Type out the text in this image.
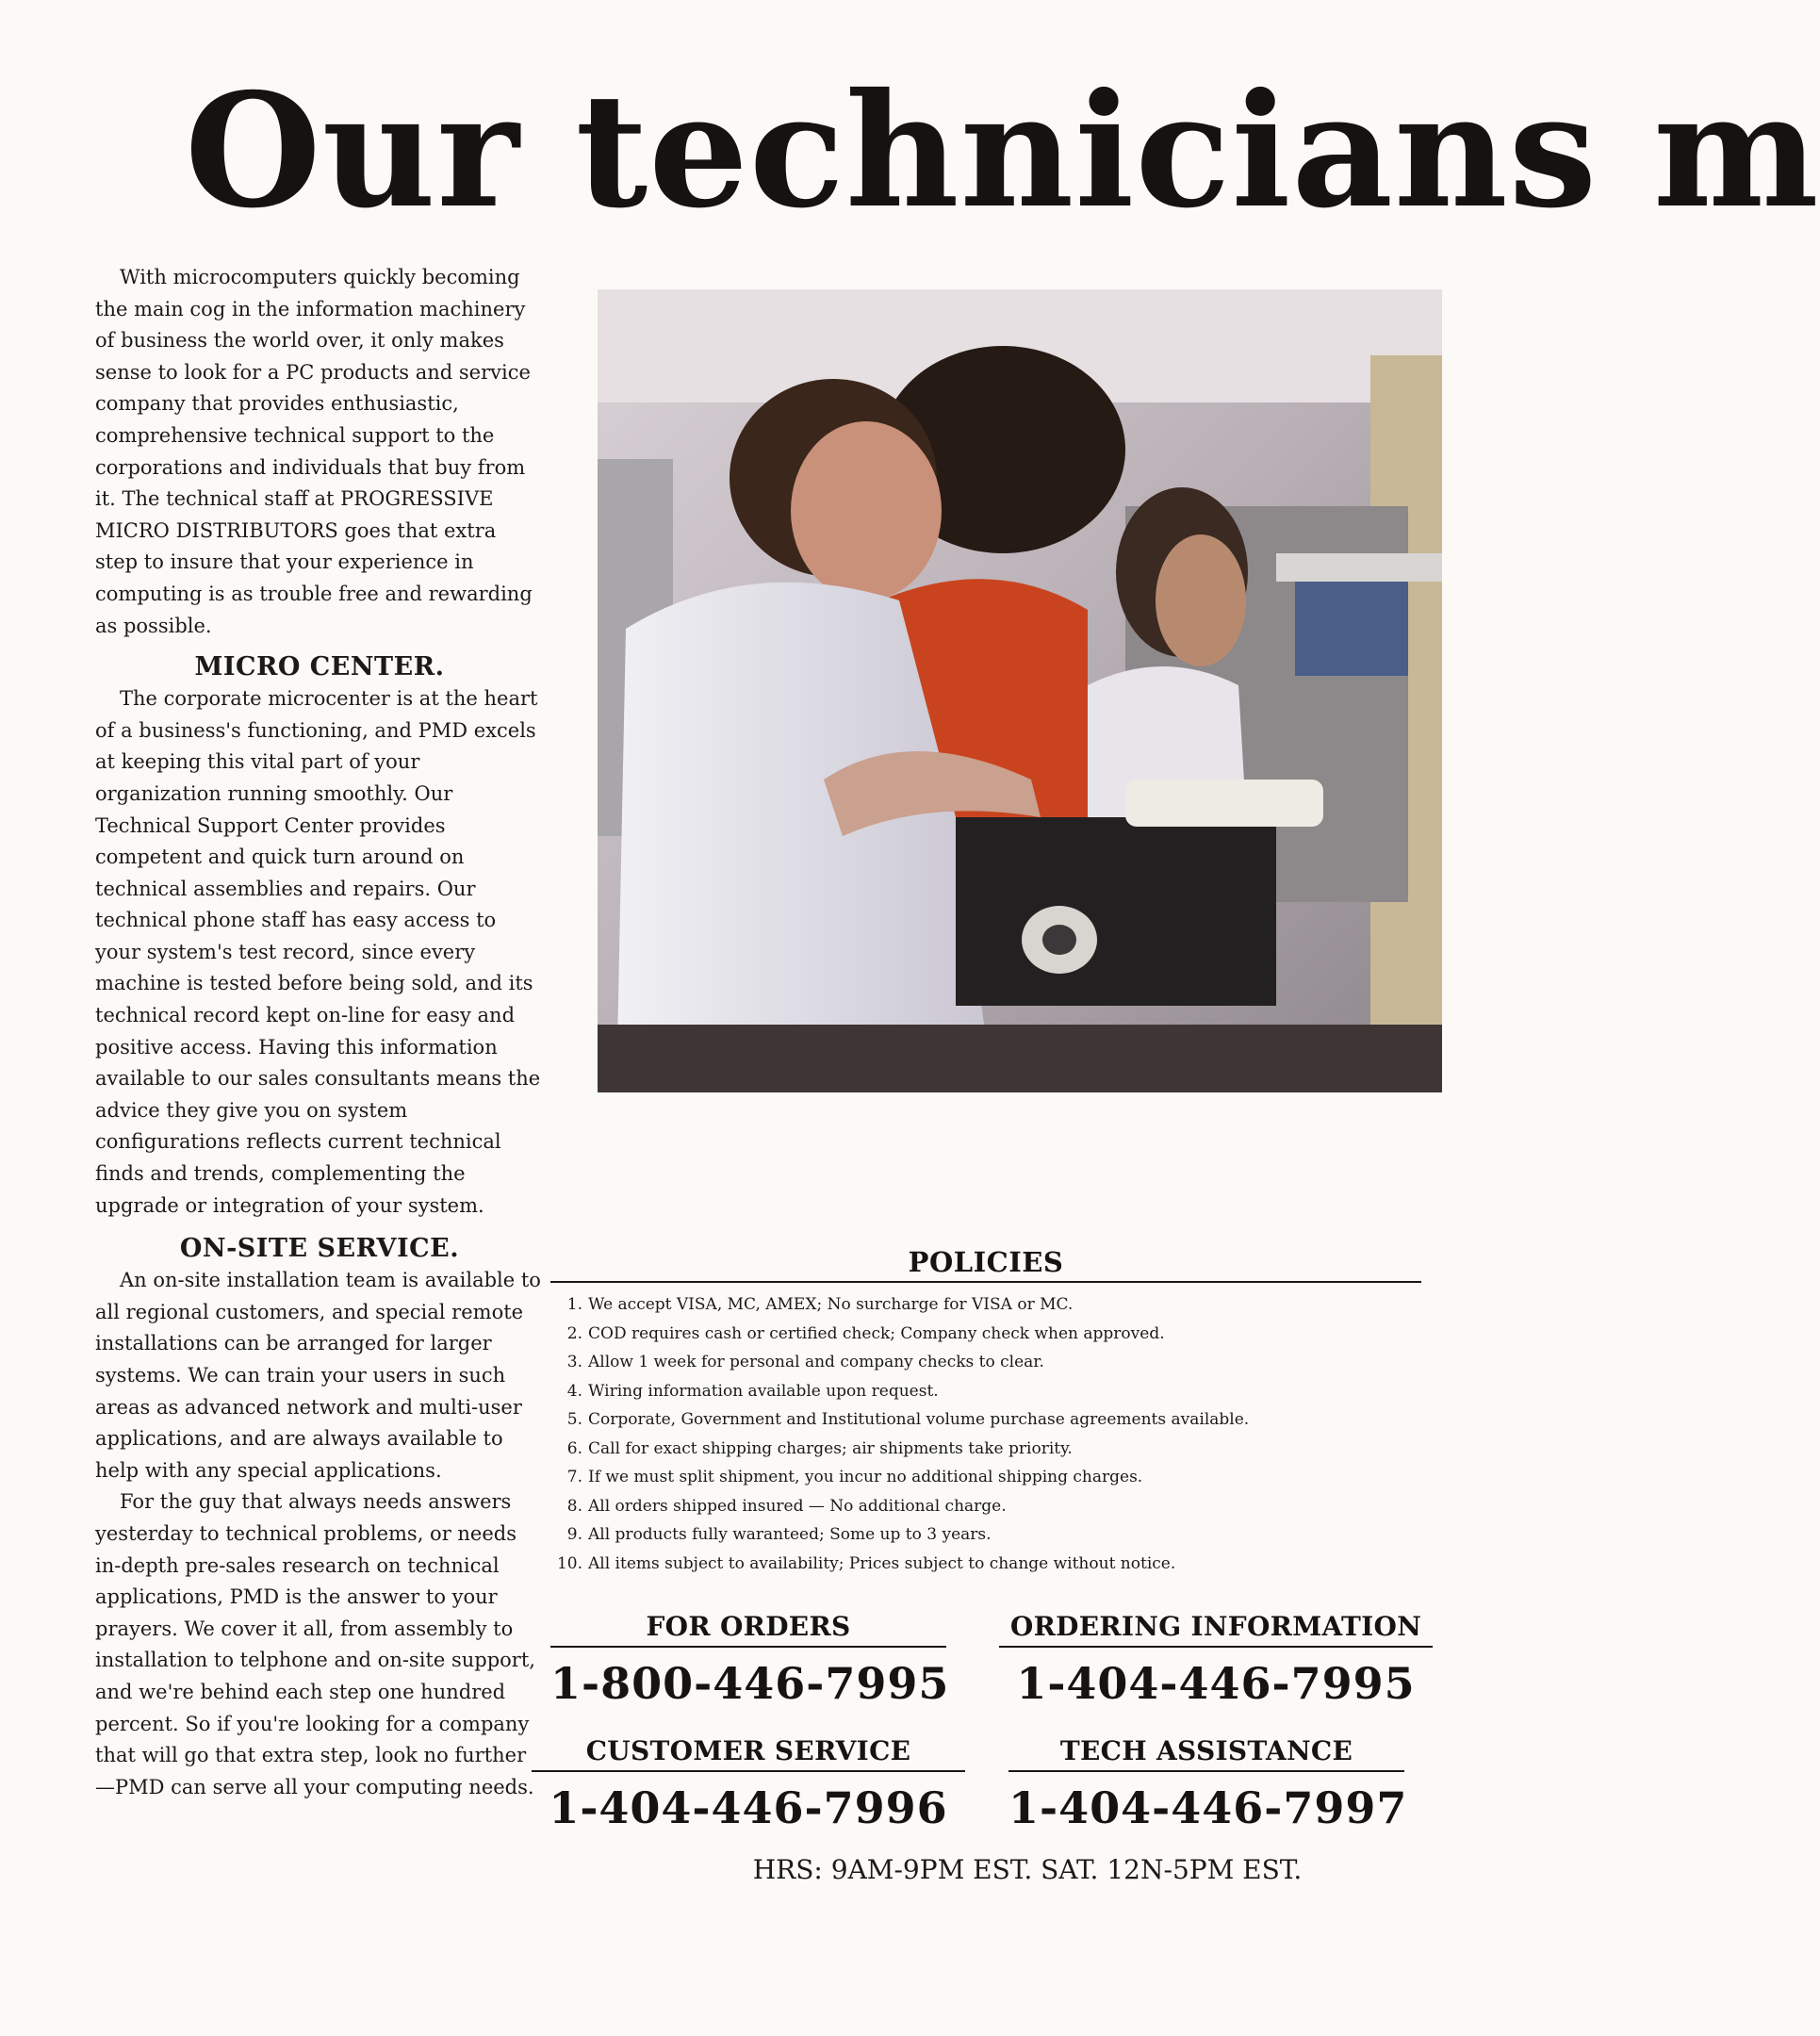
Our technicians m

With microcomputers quickly becoming the main cog in the information machinery of business the world over, it only makes sense to look for a PC products and service company that provides enthusiastic, comprehensive technical support to the corporations and individuals that buy from it. The technical staff at PROGRESSIVE MICRO DISTRIBUTORS goes that extra step to insure that your experience in computing is as trouble free and rewarding as possible.

MICRO CENTER.

The corporate microcenter is at the heart of a business's functioning, and PMD excels at keeping this vital part of your organization running smoothly. Our Technical Support Center provides competent and quick turn around on technical assemblies and repairs. Our technical phone staff has easy access to your system's test record, since every machine is tested before being sold, and its technical record kept on-line for easy and positive access. Having this information available to our sales consultants means the advice they give you on system configurations reflects current technical finds and trends, complementing the upgrade or integration of your system.

ON-SITE SERVICE.

An on-site installation team is available to all regional customers, and special remote installations can be arranged for larger systems. We can train your users in such areas as advanced network and multi-user applications, and are always available to help with any special applications.

For the guy that always needs answers yesterday to technical problems, or needs in-depth pre-sales research on technical applications, PMD is the answer to your prayers. We cover it all, from assembly to installation to telphone and on-site support, and we're behind each step one hundred percent. So if you're looking for a company that will go that extra step, look no further—PMD can serve all your computing needs.

POLICIES
1. We accept VISA, MC, AMEX; No surcharge for VISA or MC.
2. COD requires cash or certified check; Company check when approved.
3. Allow 1 week for personal and company checks to clear.
4. Wiring information available upon request.
5. Corporate, Government and Institutional volume purchase agreements available.
6. Call for exact shipping charges; air shipments take priority.
7. If we must split shipment, you incur no additional shipping charges.
8. All orders shipped insured — No additional charge.
9. All products fully waranteed; Some up to 3 years.
10. All items subject to availability; Prices subject to change without notice.
FOR ORDERS
1-800-446-7995
ORDERING INFORMATION
1-404-446-7995
CUSTOMER SERVICE
1-404-446-7996
TECH ASSISTANCE
1-404-446-7997
HRS: 9AM-9PM EST. SAT. 12N-5PM EST.
